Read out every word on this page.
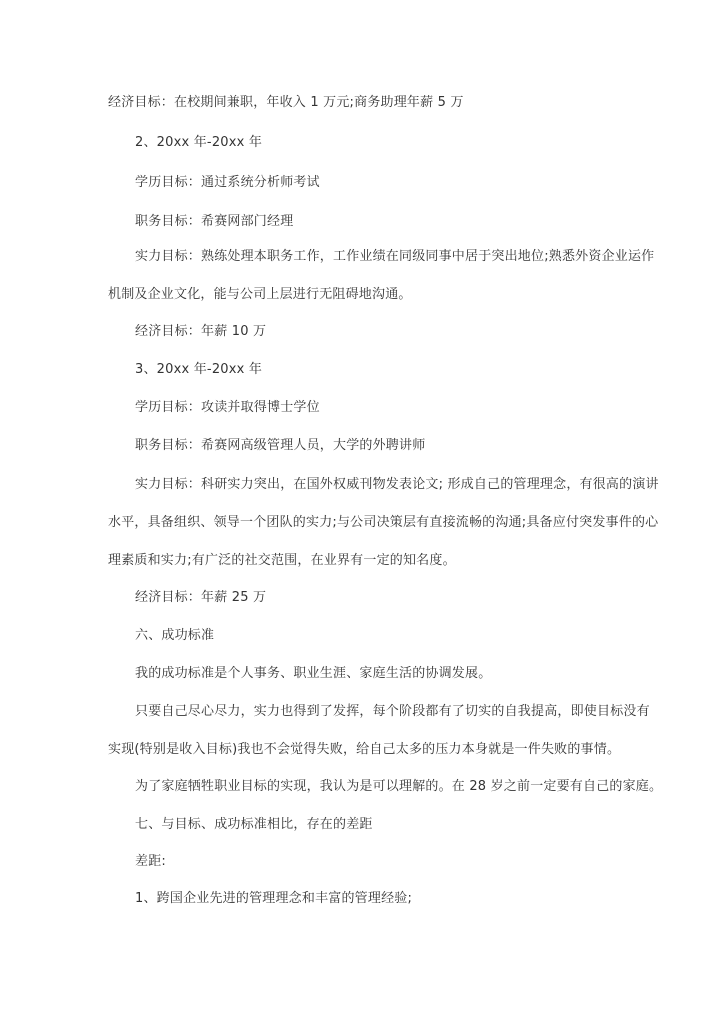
经济目标：在校期间兼职，年收入 1 万元;商务助理年薪 5 万
2、20xx 年-20xx 年
学历目标：通过系统分析师考试
职务目标：希赛网部门经理
实力目标：熟练处理本职务工作，工作业绩在同级同事中居于突出地位;熟悉外资企业运作
机制及企业文化，能与公司上层进行无阻碍地沟通。
经济目标：年薪 10 万
3、20xx 年-20xx 年
学历目标：攻读并取得博士学位
职务目标：希赛网高级管理人员，大学的外聘讲师
实力目标：科研实力突出，在国外权威刊物发表论文; 形成自己的管理理念，有很高的演讲
水平，具备组织、领导一个团队的实力;与公司决策层有直接流畅的沟通;具备应付突发事件的心
理素质和实力;有广泛的社交范围，在业界有一定的知名度。
经济目标：年薪 25 万
六、成功标准
我的成功标准是个人事务、职业生涯、家庭生活的协调发展。
只要自己尽心尽力，实力也得到了发挥，每个阶段都有了切实的自我提高，即使目标没有
实现(特别是收入目标)我也不会觉得失败，给自己太多的压力本身就是一件失败的事情。
为了家庭牺牲职业目标的实现，我认为是可以理解的。在 28 岁之前一定要有自己的家庭。
七、与目标、成功标准相比，存在的差距
差距:
1、跨国企业先进的管理理念和丰富的管理经验;
